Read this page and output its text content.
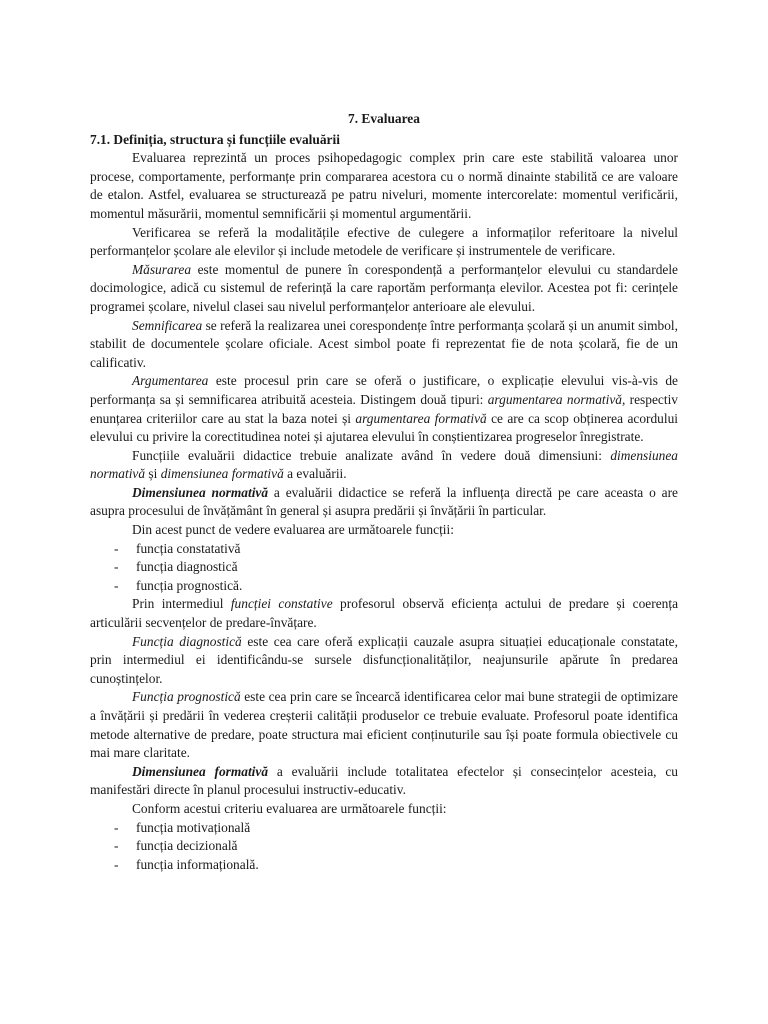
7. Evaluarea

7.1. Definiția, structura și funcțiile evaluării

Evaluarea reprezintă un proces psihopedagogic complex prin care este stabilită valoarea unor procese, comportamente, performanțe prin compararea acestora cu o normă dinainte stabilită ce are valoare de etalon. Astfel, evaluarea se structurează pe patru niveluri, momente intercorelate: momentul verificării, momentul măsurării, momentul semnificării și momentul argumentării.

Verificarea se referă la modalitățile efective de culegere a informaților referitoare la nivelul performanțelor școlare ale elevilor și include metodele de verificare și instrumentele de verificare.

Măsurarea este momentul de punere în corespondență a performanțelor elevului cu standardele docimologice, adică cu sistemul de referință la care raportăm performanța elevilor. Acestea pot fi: cerințele programei școlare, nivelul clasei sau nivelul performanțelor anterioare ale elevului.

Semnificarea se referă la realizarea unei corespondențe între performanța școlară și un anumit simbol, stabilit de documentele școlare oficiale. Acest simbol poate fi reprezentat fie de nota școlară, fie de un calificativ.

Argumentarea este procesul prin care se oferă o justificare, o explicație elevului vis-à-vis de performanța sa și semnificarea atribuită acesteia. Distingem două tipuri: argumentarea normativă, respectiv enunțarea criteriilor care au stat la baza notei și argumentarea formativă ce are ca scop obținerea acordului elevului cu privire la corectitudinea notei și ajutarea elevului în conștientizarea progreselor înregistrate.

Funcțiile evaluării didactice trebuie analizate având în vedere două dimensiuni: dimensiunea normativă și dimensiunea formativă a evaluării.

Dimensiunea normativă a evaluării didactice se referă la influența directă pe care aceasta o are asupra procesului de învățământ în general și asupra predării și învățării în particular.

Din acest punct de vedere evaluarea are următoarele funcții:

-	funcția constatativă
-	funcția diagnostică
-	funcția prognostică.

Prin intermediul funcției constative profesorul observă eficiența actului de predare și coerența articulării secvențelor de predare-învățare.

Funcția diagnostică este cea care oferă explicații cauzale asupra situației educaționale constatate, prin intermediul ei identificându-se sursele disfuncționalităților, neajunsurile apărute în predarea cunoștințelor.

Funcția prognostică este cea prin care se încearcă identificarea celor mai bune strategii de optimizare a învățării și predării în vederea creșterii calității produselor ce trebuie evaluate. Profesorul poate identifica metode alternative de predare, poate structura mai eficient conținuturile sau își poate formula obiectivele cu mai mare claritate.

Dimensiunea formativă a evaluării include totalitatea efectelor și consecințelor acesteia, cu manifestări directe în planul procesului instructiv-educativ.

Conform acestui criteriu evaluarea are următoarele funcții:

-	funcția motivațională
-	funcția decizională
-	funcția informațională.
